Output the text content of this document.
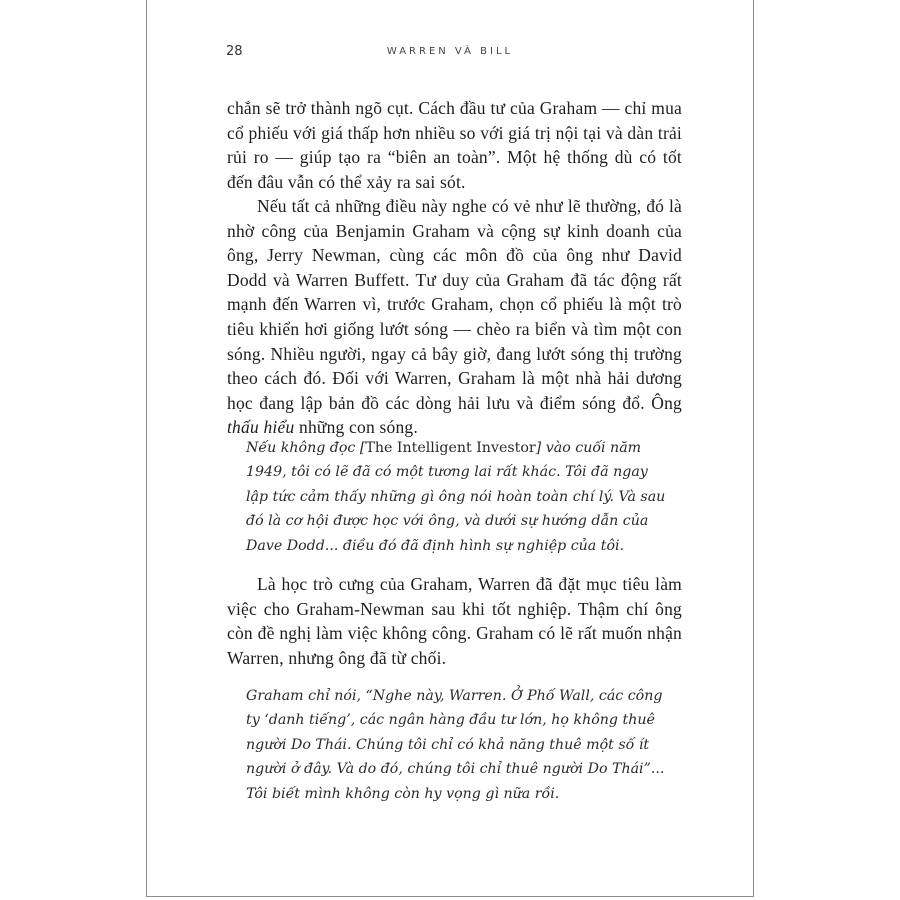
28	WARREN VÀ BILL

chắn sẽ trở thành ngõ cụt. Cách đầu tư của Graham — chỉ mua cổ phiếu với giá thấp hơn nhiều so với giá trị nội tại và dàn trải rủi ro — giúp tạo ra “biên an toàn”. Một hệ thống dù có tốt đến đâu vẫn có thể xảy ra sai sót.

Nếu tất cả những điều này nghe có vẻ như lẽ thường, đó là nhờ công của Benjamin Graham và cộng sự kinh doanh của ông, Jerry Newman, cùng các môn đồ của ông như David Dodd và Warren Buffett. Tư duy của Graham đã tác động rất mạnh đến Warren vì, trước Graham, chọn cổ phiếu là một trò tiêu khiển hơi giống lướt sóng — chèo ra biển và tìm một con sóng. Nhiều người, ngay cả bây giờ, đang lướt sóng thị trường theo cách đó. Đối với Warren, Graham là một nhà hải dương học đang lập bản đồ các dòng hải lưu và điểm sóng đổ. Ông thấu hiểu những con sóng.

Nếu không đọc [The Intelligent Investor] vào cuối năm 1949, tôi có lẽ đã có một tương lai rất khác. Tôi đã ngay lập tức cảm thấy những gì ông nói hoàn toàn chí lý. Và sau đó là cơ hội được học với ông, và dưới sự hướng dẫn của Dave Dodd... điều đó đã định hình sự nghiệp của tôi.

Là học trò cưng của Graham, Warren đã đặt mục tiêu làm việc cho Graham-Newman sau khi tốt nghiệp. Thậm chí ông còn đề nghị làm việc không công. Graham có lẽ rất muốn nhận Warren, nhưng ông đã từ chối.

Graham chỉ nói, “Nghe này, Warren. Ở Phố Wall, các công ty ‘danh tiếng’, các ngân hàng đầu tư lớn, họ không thuê người Do Thái. Chúng tôi chỉ có khả năng thuê một số ít người ở đây. Và do đó, chúng tôi chỉ thuê người Do Thái”... Tôi biết mình không còn hy vọng gì nữa rồi.
